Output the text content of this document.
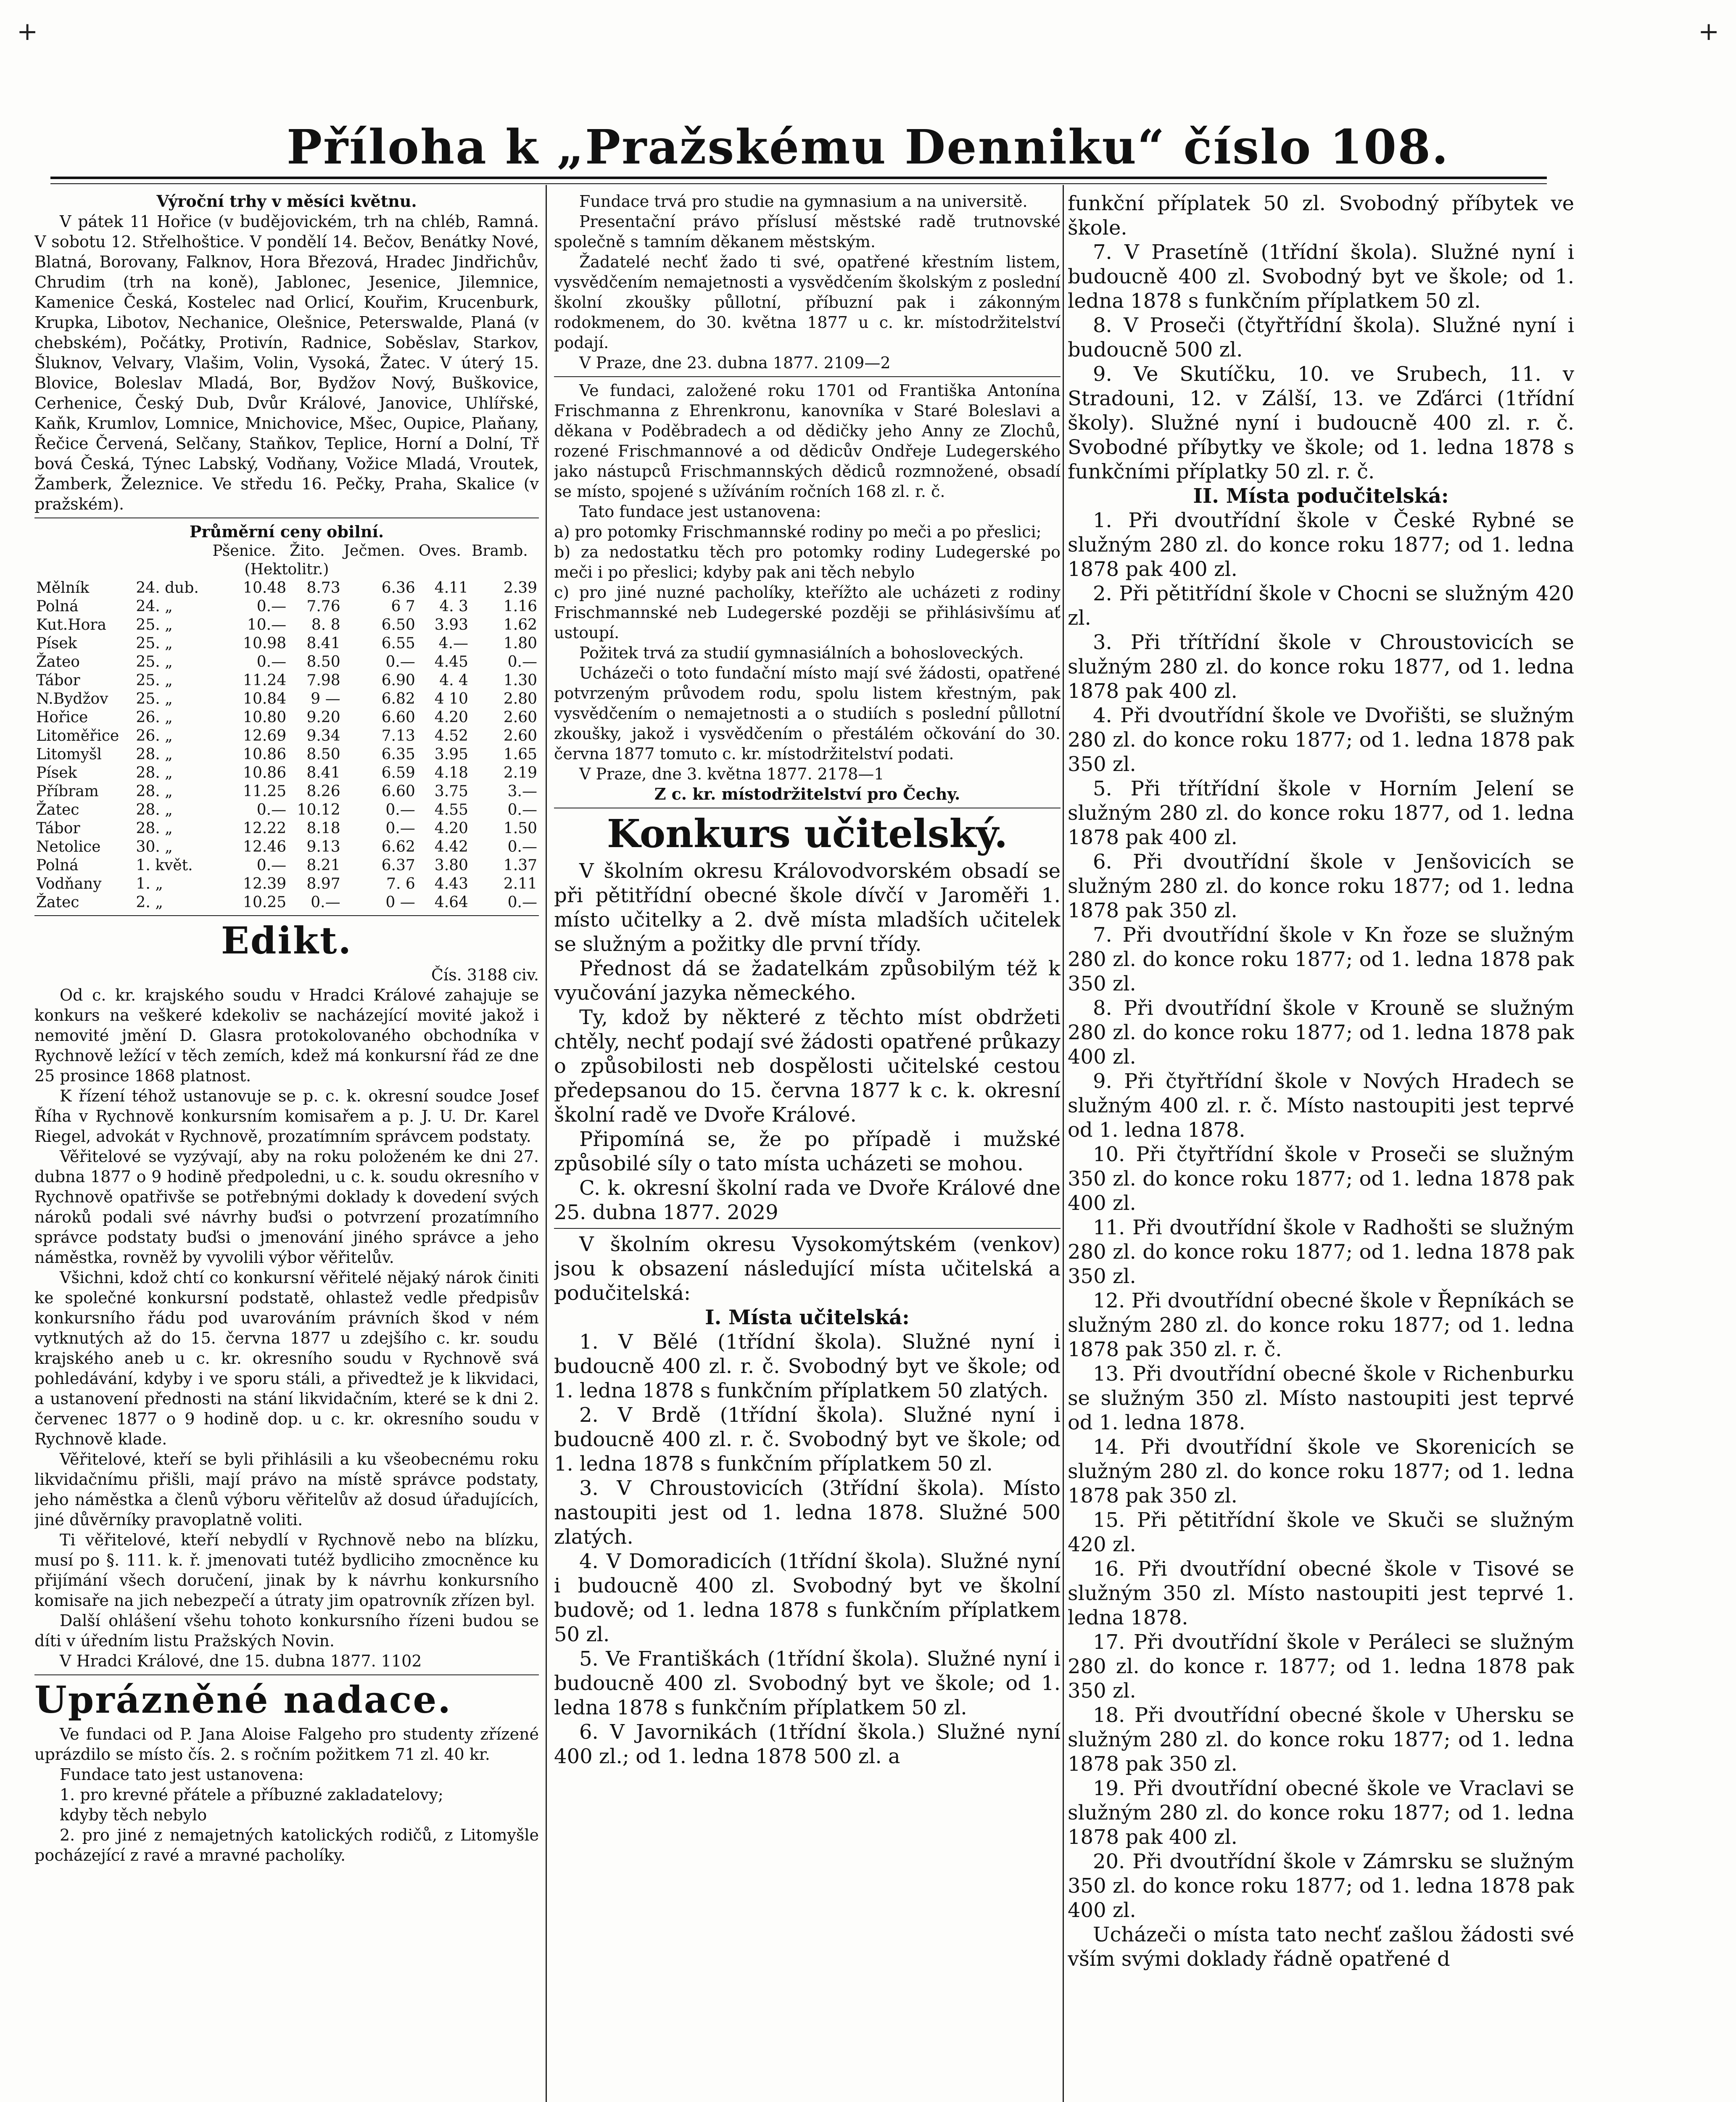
+	+
Příloha k „Pražskému Denniku“ číslo 108.

Výroční trhy v měsíci květnu.

V pátek 11 Hořice (v budějovickém, trh na chléb, Ramná. V sobotu 12. Střelhoštice. V pondělí 14. Bečov, Benátky Nové, Blatná, Borovany, Falknov, Hora Březová, Hradec Jindřichův, Chrudim (trh na koně), Jablonec, Jesenice, Jilemnice, Kamenice Česká, Kostelec nad Orlicí, Kouřim, Krucenburk, Krupka, Libotov, Nechanice, Olešnice, Peterswalde, Planá (v chebském), Počátky, Protivín, Radnice, Soběslav, Starkov, Šluknov, Velvary, Vlašim, Volin, Vysoká, Žatec. V úterý 15. Blovice, Boleslav Mladá, Bor, Bydžov Nový, Buškovice, Cerhenice, Český Dub, Dvůr Králové, Janovice, Uhlířské, Kaňk, Krumlov, Lomnice, Mnichovice, Mšec, Oupice, Plaňany, Řečice Červená, Selčany, Staňkov, Teplice, Horní a Dolní, Tř bová Česká, Týnec Labský, Vodňany, Vožice Mladá, Vroutek, Žamberk, Železnice. Ve středu 16. Pečky, Praha, Skalice (v pražském).

Průměrní ceny obilní.

		Pšenice.	Žito.	Ječmen.	Oves.	Bramb.
(Hektolitr.)						
Mělník	24. dub.	10.48	8.73	6.36	4.11	2.39
Polná	24. „	0.—	7.76	6 7	4. 3	1.16
Kut.Hora	25. „	10.—	8. 8	6.50	3.93	1.62
Písek	25. „	10.98	8.41	6.55	4.—	1.80
Žateo	25. „	0.—	8.50	0.—	4.45	0.—
Tábor	25. „	11.24	7.98	6.90	4. 4	1.30
N.Bydžov	25. „	10.84	9 —	6.82	4 10	2.80
Hořice	26. „	10.80	9.20	6.60	4.20	2.60
Litoměřice	26. „	12.69	9.34	7.13	4.52	2.60
Litomyšl	28. „	10.86	8.50	6.35	3.95	1.65
Písek	28. „	10.86	8.41	6.59	4.18	2.19
Příbram	28. „	11.25	8.26	6.60	3.75	3.—
Žatec	28. „	0.—	10.12	0.—	4.55	0.—
Tábor	28. „	12.22	8.18	0.—	4.20	1.50
Netolice	30. „	12.46	9.13	6.62	4.42	0.—
Polná	1. květ.	0.—	8.21	6.37	3.80	1.37
Vodňany	1. „	12.39	8.97	7. 6	4.43	2.11
Žatec	2. „	10.25	0.—	0 —	4.64	0.—
Edikt.

Čís. 3188 civ.

Od c. kr. krajského soudu v Hradci Králové zahajuje se konkurs na veškeré kdekoliv se nacházející movité jakož i nemovité jmění D. Glasra protokolovaného obchodníka v Rychnově ležící v těch zemích, kdež má konkursní řád ze dne 25 prosince 1868 platnost.

K řízení téhož ustanovuje se p. c. k. okresní soudce Josef Říha v Rychnově konkursním komisařem a p. J. U. Dr. Karel Riegel, advokát v Rychnově, prozatímním správcem podstaty.

Věřitelové se vyzývají, aby na roku položeném ke dni 27. dubna 1877 o 9 hodině předpoledni, u c. k. soudu okresního v Rychnově opatřivše se potřebnými doklady k dovedení svých nároků podali své návrhy buďsi o potvrzení prozatímního správce podstaty buďsi o jmenování jiného správce a jeho náměstka, rovněž by vyvolili výbor věřitelův.

Všichni, kdož chtí co konkursní věřitelé nějaký nárok činiti ke společné konkursní podstatě, ohlastež vedle předpisův konkursního řádu pod uvarováním právních škod v ném vytknutých až do 15. června 1877 u zdejšího c. kr. soudu krajského aneb u c. kr. okresního soudu v Rychnově svá pohledávání, kdyby i ve sporu stáli, a přivedtež je k likvidaci, a ustanovení přednosti na stání likvidačním, které se k dni 2. červenec 1877 o 9 hodině dop. u c. kr. okresního soudu v Rychnově klade.

Věřitelové, kteří se byli přihlásili a ku všeobecnému roku likvidačnímu přišli, mají právo na místě správce podstaty, jeho náměstka a členů výboru věřitelův až dosud úřadujících, jiné důvěrníky pravoplatně voliti.

Ti věřitelové, kteří nebydlí v Rychnově nebo na blízku, musí po §. 111. k. ř. jmenovati tutéž bydliciho zmocněnce ku přijímání všech doručení, jinak by k návrhu konkursního komisaře na jich nebezpečí a útraty jim opatrovník zřízen byl.

Další ohlášení všehu tohoto konkursního řízeni budou se díti v úředním listu Pražských Novin.

V Hradci Králové, dne 15. dubna 1877. 1102

Uprázněné nadace.

Ve fundaci od P. Jana Aloise Falgeho pro studenty zřízené uprázdilo se místo čís. 2. s ročním požitkem 71 zl. 40 kr.

Fundace tato jest ustanovena:

1. pro krevné přátele a příbuzné zakladatelovy;

kdyby těch nebylo

2. pro jiné z nemajetných katolických rodičů, z Litomyšle pocházející z ravé a mravné pacholíky.

Fundace trvá pro studie na gymnasium a na universitě.

Presentační právo příslusí městské radě trutnovské společně s tamním děkanem městským.

Žadatelé nechť žado ti své, opatřené křestním listem, vysvědčením nemajetnosti a vysvědčením školským z poslední školní zkoušky půllotní, příbuzní pak i zákonným rodokmenem, do 30. května 1877 u c. kr. místodržitelství podají.

V Praze, dne 23. dubna 1877. 2109—2

Ve fundaci, založené roku 1701 od Františka Antonína Frischmanna z Ehrenkronu, kanovníka v Staré Boleslavi a děkana v Poděbradech a od dědičky jeho Anny ze Zlochů, rozené Frischmannové a od dědicův Ondřeje Ludegerského jako nástupců Frischmannských dědiců rozmnožené, obsadí se místo, spojené s užíváním ročních 168 zl. r. č.

Tato fundace jest ustanovena:

a) pro potomky Frischmannské rodiny po meči a po přeslici;

b) za nedostatku těch pro potomky rodiny Ludegerské po meči i po přeslici; kdyby pak ani těch nebylo

c) pro jiné nuzné pacholíky, kteřížto ale ucházeti z rodiny Frischmannské neb Ludegerské později se přihlásivšímu ať ustoupí.

Požitek trvá za studií gymnasiálních a bohosloveckých.

Ucházeči o toto fundační místo mají své žádosti, opatřené potvrzeným průvodem rodu, spolu listem křestným, pak vysvědčením o nemajetnosti a o studiích s poslední půllotní zkoušky, jakož i vysvědčením o přestálém očkování do 30. června 1877 tomuto c. kr. místodržitelství podati.

V Praze, dne 3. května 1877. 2178—1

Z c. kr. místodržitelství pro Čechy.

Konkurs učitelský.

V školním okresu Královodvorském obsadí se při pětitřídní obecné škole dívčí v Jaroměři 1. místo učitelky a 2. dvě místa mladších učitelek se služným a požitky dle první třídy.

Přednost dá se žadatelkám způsobilým též k vyučování jazyka německého.

Ty, kdož by některé z těchto míst obdržeti chtěly, nechť podají své žádosti opatřené průkazy o způsobilosti neb dospělosti učitelské cestou předepsanou do 15. června 1877 k c. k. okresní školní radě ve Dvoře Králové.

Připomíná se, že po případě i mužské způsobilé síly o tato místa ucházeti se mohou.

C. k. okresní školní rada ve Dvoře Králové dne 25. dubna 1877. 2029

V školním okresu Vysokomýtském (venkov) jsou k obsazení následující místa učitelská a podučitelská:

I. Místa učitelská:

1. V Bělé (1třídní škola). Služné nyní i budoucně 400 zl. r. č. Svobodný byt ve škole; od 1. ledna 1878 s funkčním příplatkem 50 zlatých.

2. V Brdě (1třídní škola). Služné nyní i budoucně 400 zl. r. č. Svobodný byt ve škole; od 1. ledna 1878 s funkčním příplatkem 50 zl.

3. V Chroustovicích (3třídní škola). Místo nastoupiti jest od 1. ledna 1878. Služné 500 zlatých.

4. V Domoradicích (1třídní škola). Služné nyní i budoucně 400 zl. Svobodný byt ve školní budově; od 1. ledna 1878 s funkčním příplatkem 50 zl.

5. Ve Františkách (1třídní škola). Služné nyní i budoucně 400 zl. Svobodný byt ve škole; od 1. ledna 1878 s funkčním příplatkem 50 zl.

6. V Javornikách (1třídní škola.) Služné nyní 400 zl.; od 1. ledna 1878 500 zl. a

funkční příplatek 50 zl. Svobodný příbytek ve škole.

7. V Prasetíně (1třídní škola). Služné nyní i budoucně 400 zl. Svobodný byt ve škole; od 1. ledna 1878 s funkčním příplatkem 50 zl.

8. V Proseči (čtyřtřídní škola). Služné nyní i budoucně 500 zl.

9. Ve Skutíčku, 10. ve Srubech, 11. v Stradouni, 12. v Zálší, 13. ve Zďárci (1třídní školy). Služné nyní i budoucně 400 zl. r. č. Svobodné příbytky ve škole; od 1. ledna 1878 s funkčními příplatky 50 zl. r. č.

II. Místa podučitelská:

1. Při dvoutřídní škole v České Rybné se služným 280 zl. do konce roku 1877; od 1. ledna 1878 pak 400 zl.

2. Při pětitřídní škole v Chocni se služným 420 zl.

3. Při třítřídní škole v Chroustovicích se služným 280 zl. do konce roku 1877, od 1. ledna 1878 pak 400 zl.

4. Při dvoutřídní škole ve Dvořišti, se služným 280 zl. do konce roku 1877; od 1. ledna 1878 pak 350 zl.

5. Při třítřídní škole v Horním Jelení se služným 280 zl. do konce roku 1877, od 1. ledna 1878 pak 400 zl.

6. Při dvoutřídní škole v Jenšovicích se služným 280 zl. do konce roku 1877; od 1. ledna 1878 pak 350 zl.

7. Při dvoutřídní škole v Kn řoze se služným 280 zl. do konce roku 1877; od 1. ledna 1878 pak 350 zl.

8. Při dvoutřídní škole v Krouně se služným 280 zl. do konce roku 1877; od 1. ledna 1878 pak 400 zl.

9. Při čtyřtřídní škole v Nových Hradech se služným 400 zl. r. č. Místo nastoupiti jest teprvé od 1. ledna 1878.

10. Při čtyřtřídní škole v Proseči se služným 350 zl. do konce roku 1877; od 1. ledna 1878 pak 400 zl.

11. Při dvoutřídní škole v Radhošti se služným 280 zl. do konce roku 1877; od 1. ledna 1878 pak 350 zl.

12. Při dvoutřídní obecné škole v Řepníkách se služným 280 zl. do konce roku 1877; od 1. ledna 1878 pak 350 zl. r. č.

13. Při dvoutřídní obecné škole v Richenburku se služným 350 zl. Místo nastoupiti jest teprvé od 1. ledna 1878.

14. Při dvoutřídní škole ve Skorenicích se služným 280 zl. do konce roku 1877; od 1. ledna 1878 pak 350 zl.

15. Při pětitřídní škole ve Skuči se služným 420 zl.

16. Při dvoutřídní obecné škole v Tisové se služným 350 zl. Místo nastoupiti jest teprvé 1. ledna 1878.

17. Při dvoutřídní škole v Peráleci se služným 280 zl. do konce r. 1877; od 1. ledna 1878 pak 350 zl.

18. Při dvoutřídní obecné škole v Uhersku se služným 280 zl. do konce roku 1877; od 1. ledna 1878 pak 350 zl.

19. Při dvoutřídní obecné škole ve Vraclavi se služným 280 zl. do konce roku 1877; od 1. ledna 1878 pak 400 zl.

20. Při dvoutřídní škole v Zámrsku se služným 350 zl. do konce roku 1877; od 1. ledna 1878 pak 400 zl.

Ucházeči o místa tato nechť zašlou žádosti své vším svými doklady řádně opatřené d
